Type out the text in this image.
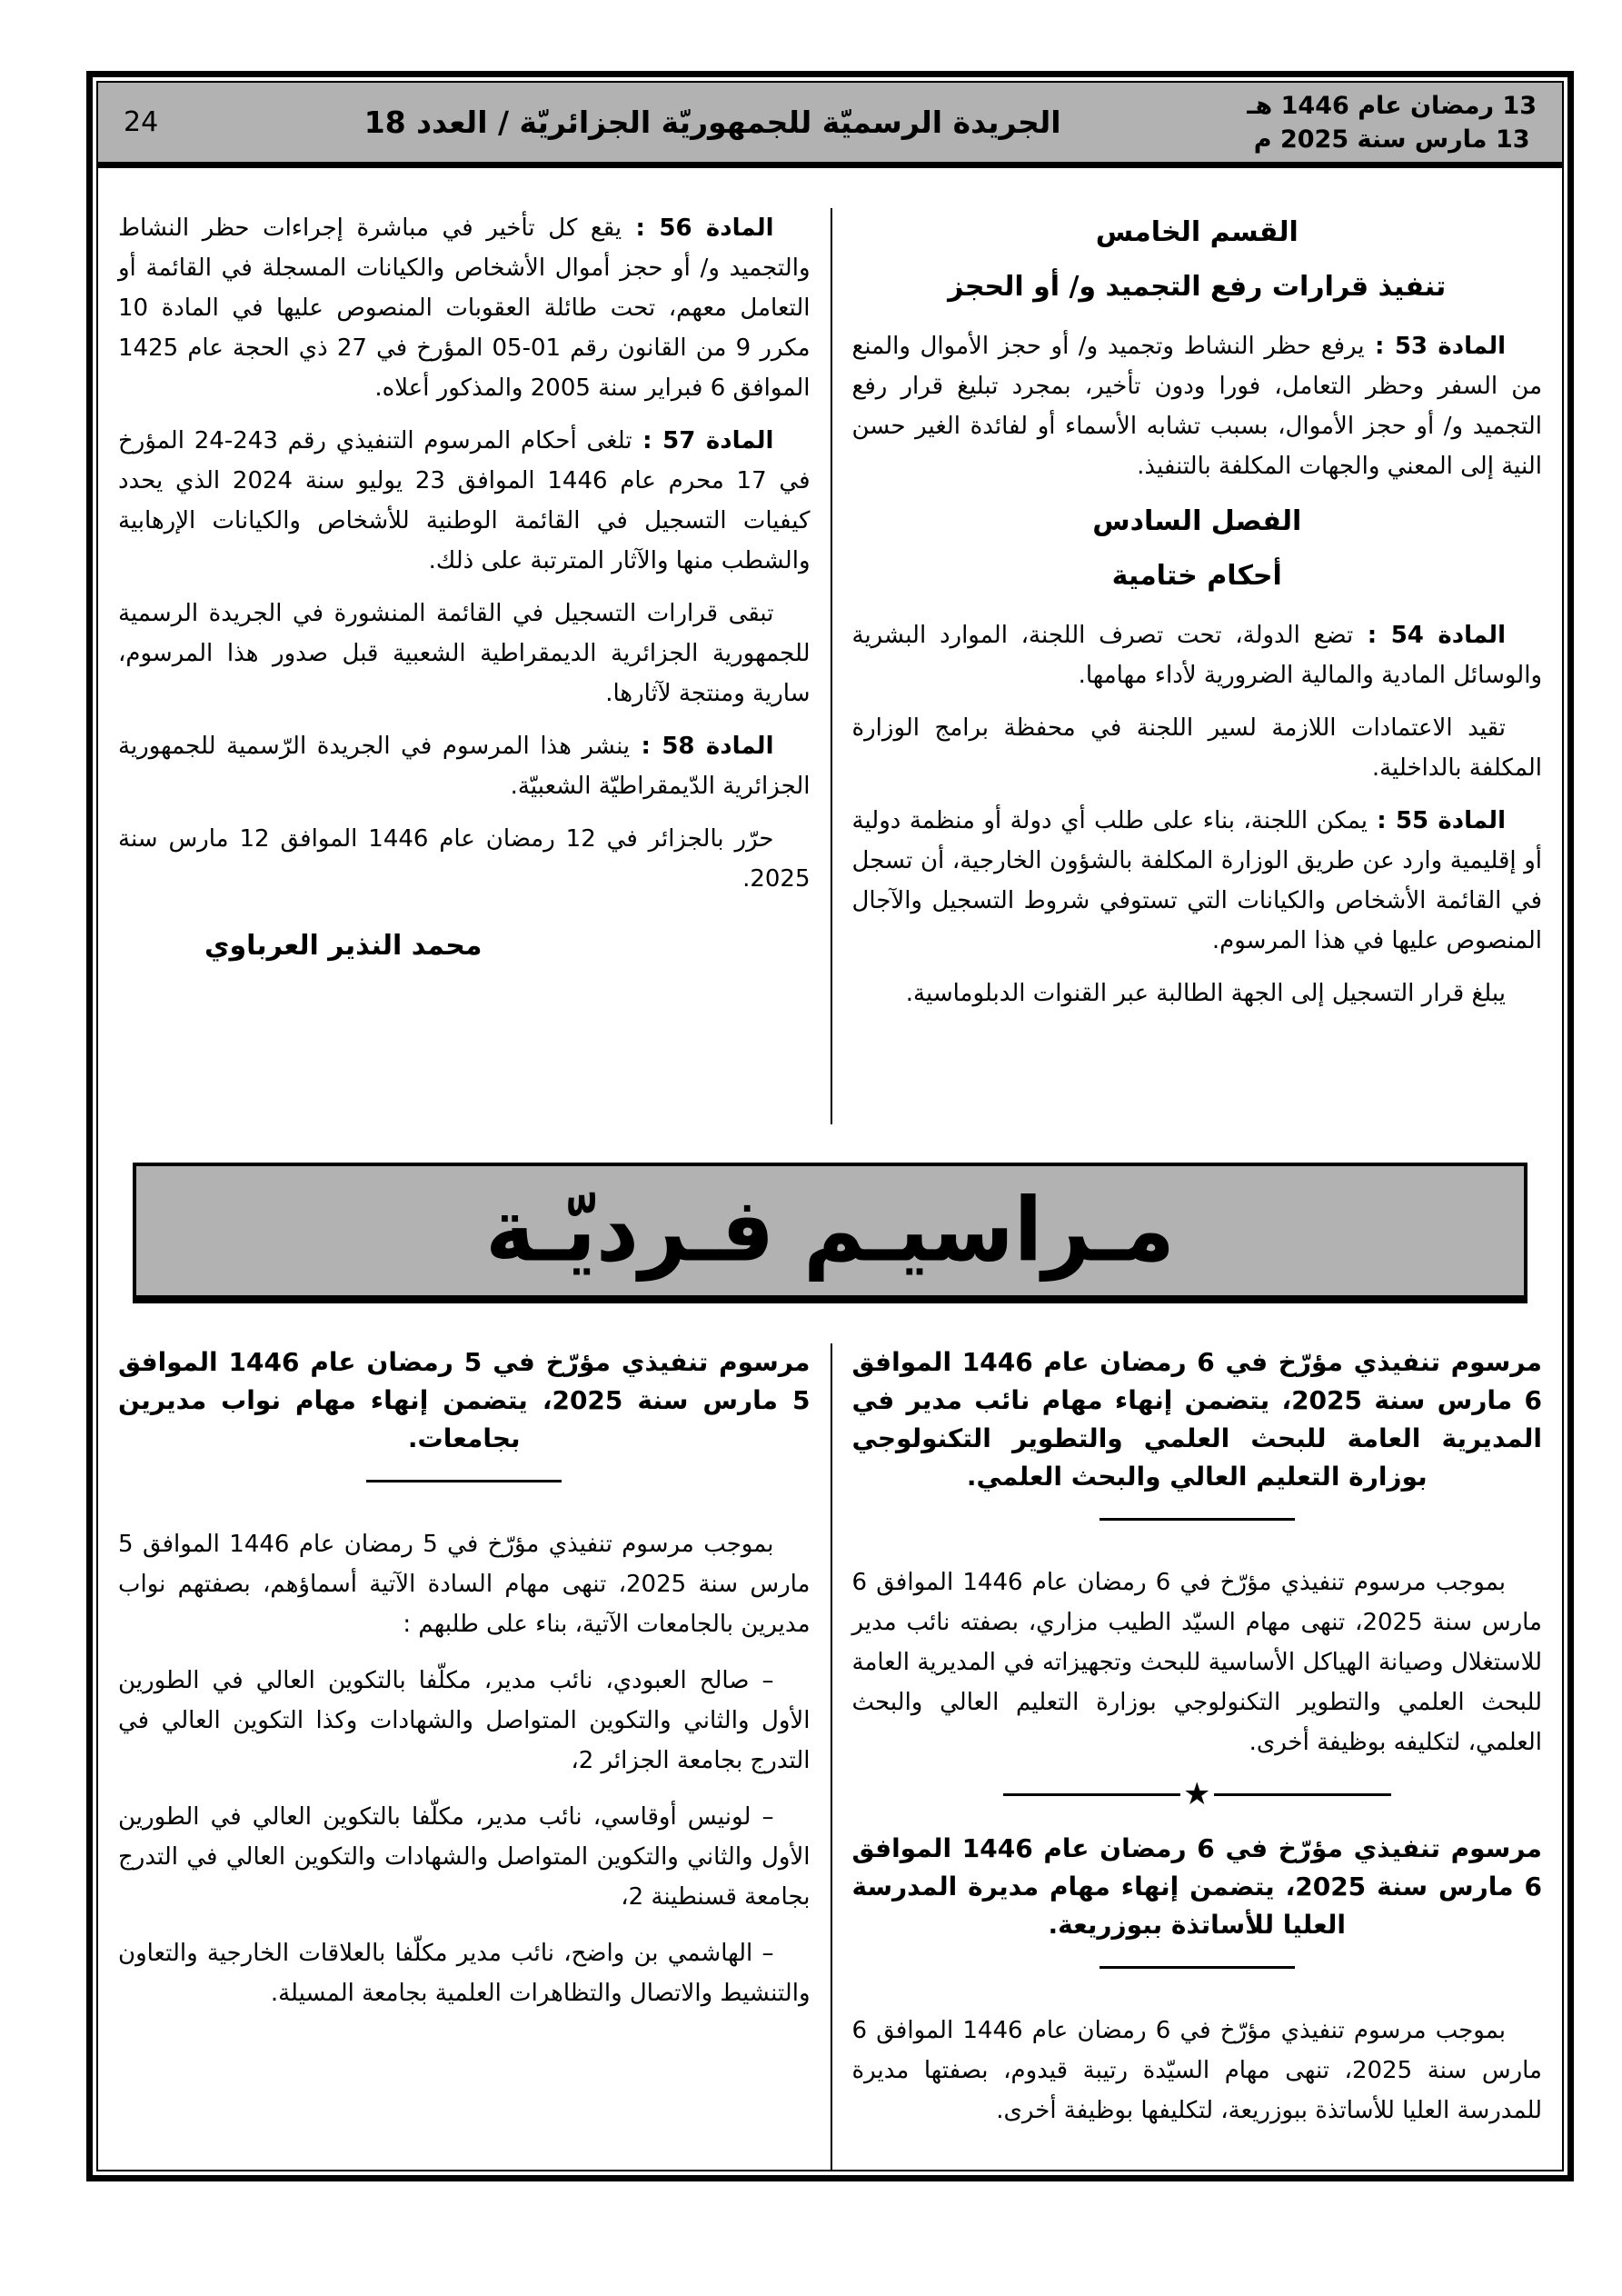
13 رمضان عام 1446 هـ
13 مارس سنة 2025 م
الجريدة الرسميّة للجمهوريّة الجزائريّة / العدد 18
24
القسم الخامس
تنفيذ قرارات رفع التجميد و/ أو الحجز

المادة 53 : يرفع حظر النشاط وتجميد و/ أو حجز الأموال والمنع من السفر وحظر التعامل، فورا ودون تأخير، بمجرد تبليغ قرار رفع التجميد و/ أو حجز الأموال، بسبب تشابه الأسماء أو لفائدة الغير حسن النية إلى المعني والجهات المكلفة بالتنفيذ.

الفصل السادس
أحكام ختامية

المادة 54 : تضع الدولة، تحت تصرف اللجنة، الموارد البشرية والوسائل المادية والمالية الضرورية لأداء مهامها.

تقيد الاعتمادات اللازمة لسير اللجنة في محفظة برامج الوزارة المكلفة بالداخلية.

المادة 55 : يمكن اللجنة، بناء على طلب أي دولة أو منظمة دولية أو إقليمية وارد عن طريق الوزارة المكلفة بالشؤون الخارجية، أن تسجل في القائمة الأشخاص والكيانات التي تستوفي شروط التسجيل والآجال المنصوص عليها في هذا المرسوم.

يبلغ قرار التسجيل إلى الجهة الطالبة عبر القنوات الدبلوماسية.

المادة 56 : يقع كل تأخير في مباشرة إجراءات حظر النشاط والتجميد و/ أو حجز أموال الأشخاص والكيانات المسجلة في القائمة أو التعامل معهم، تحت طائلة العقوبات المنصوص عليها في المادة 10 مكرر 9 من القانون رقم 01-05 المؤرخ في 27 ذي الحجة عام 1425 الموافق 6 فبراير سنة 2005 والمذكور أعلاه.

المادة 57 : تلغى أحكام المرسوم التنفيذي رقم 243-24 المؤرخ في 17 محرم عام 1446 الموافق 23 يوليو سنة 2024 الذي يحدد كيفيات التسجيل في القائمة الوطنية للأشخاص والكيانات الإرهابية والشطب منها والآثار المترتبة على ذلك.

تبقى قرارات التسجيل في القائمة المنشورة في الجريدة الرسمية للجمهورية الجزائرية الديمقراطية الشعبية قبل صدور هذا المرسوم، سارية ومنتجة لآثارها.

المادة 58 : ينشر هذا المرسوم في الجريدة الرّسمية للجمهورية الجزائرية الدّيمقراطيّة الشعبيّة.

حرّر بالجزائر في 12 رمضان عام 1446 الموافق 12 مارس سنة 2025.

محمد النذير العرباوي
مـراسيـم فـرديّـة
مرسوم تنفيذي مؤرّخ في 6 رمضان عام 1446 الموافق 6 مارس سنة 2025، يتضمن إنهاء مهام نائب مدير في المديرية العامة للبحث العلمي والتطوير التكنولوجي بوزارة التعليم العالي والبحث العلمي.

بموجب مرسوم تنفيذي مؤرّخ في 6 رمضان عام 1446 الموافق 6 مارس سنة 2025، تنهى مهام السيّد الطيب مزاري، بصفته نائب مدير للاستغلال وصيانة الهياكل الأساسية للبحث وتجهيزاته في المديرية العامة للبحث العلمي والتطوير التكنولوجي بوزارة التعليم العالي والبحث العلمي، لتكليفه بوظيفة أخرى.

★
مرسوم تنفيذي مؤرّخ في 6 رمضان عام 1446 الموافق 6 مارس سنة 2025، يتضمن إنهاء مهام مديرة المدرسة العليا للأساتذة ببوزريعة.

بموجب مرسوم تنفيذي مؤرّخ في 6 رمضان عام 1446 الموافق 6 مارس سنة 2025، تنهى مهام السيّدة رتيبة قيدوم، بصفتها مديرة للمدرسة العليا للأساتذة ببوزريعة، لتكليفها بوظيفة أخرى.

مرسوم تنفيذي مؤرّخ في 5 رمضان عام 1446 الموافق 5 مارس سنة 2025، يتضمن إنهاء مهام نواب مديرين بجامعات.

بموجب مرسوم تنفيذي مؤرّخ في 5 رمضان عام 1446 الموافق 5 مارس سنة 2025، تنهى مهام السادة الآتية أسماؤهم، بصفتهم نواب مديرين بالجامعات الآتية، بناء على طلبهم :

– صالح العبودي، نائب مدير، مكلّفا بالتكوين العالي في الطورين الأول والثاني والتكوين المتواصل والشهادات وكذا التكوين العالي في التدرج بجامعة الجزائر 2،

– لونيس أوقاسي، نائب مدير، مكلّفا بالتكوين العالي في الطورين الأول والثاني والتكوين المتواصل والشهادات والتكوين العالي في التدرج بجامعة قسنطينة 2،

– الهاشمي بن واضح، نائب مدير مكلّفا بالعلاقات الخارجية والتعاون والتنشيط والاتصال والتظاهرات العلمية بجامعة المسيلة.
